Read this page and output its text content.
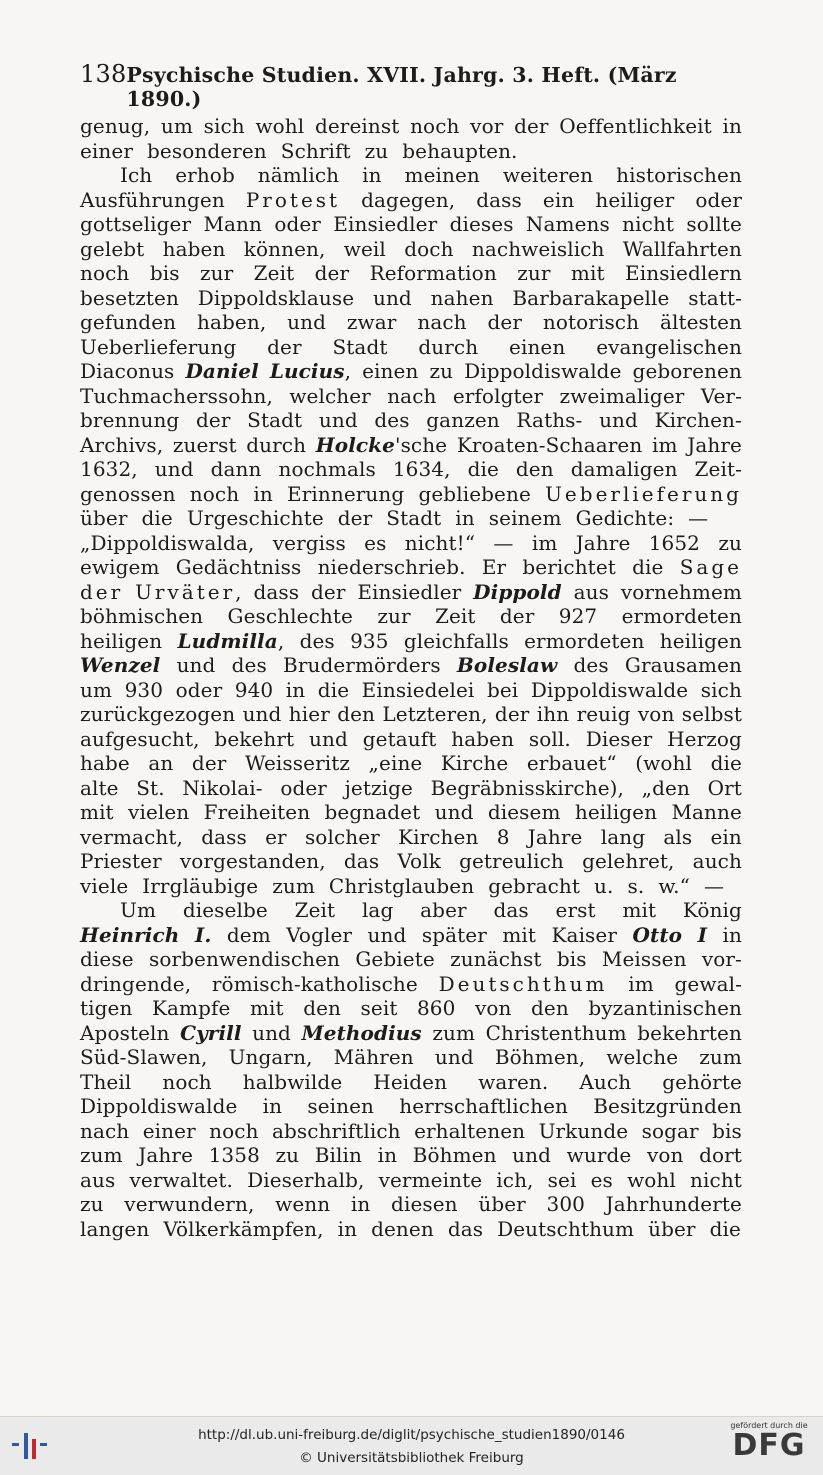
138 Psychische Studien. XVII. Jahrg. 3. Heft. (März 1890.)
genug, um sich wohl dereinst noch vor der Oeffentlichkeit in
einer besonderen Schrift zu behaupten.
Ich erhob nämlich in meinen weiteren historischen
Ausführungen Protest dagegen, dass ein heiliger oder
gottseliger Mann oder Einsiedler dieses Namens nicht sollte
gelebt haben können, weil doch nachweislich Wallfahrten
noch bis zur Zeit der Reformation zur mit Einsiedlern
besetzten Dippoldsklause und nahen Barbarakapelle statt-
gefunden haben, und zwar nach der notorisch ältesten
Ueberlieferung der Stadt durch einen evangelischen
Diaconus Daniel Lucius, einen zu Dippoldiswalde geborenen
Tuchmacherssohn, welcher nach erfolgter zweimaliger Ver-
brennung der Stadt und des ganzen Raths- und Kirchen-
Archivs, zuerst durch Holcke'sche Kroaten-Schaaren im Jahre
1632, und dann nochmals 1634, die den damaligen Zeit-
genossen noch in Erinnerung gebliebene Ueberlieferung
über die Urgeschichte der Stadt in seinem Gedichte: —
„Dippoldiswalda, vergiss es nicht!“ — im Jahre 1652 zu
ewigem Gedächtniss niederschrieb. Er berichtet die Sage
der Urväter, dass der Einsiedler Dippold aus vornehmem
böhmischen Geschlechte zur Zeit der 927 ermordeten
heiligen Ludmilla, des 935 gleichfalls ermordeten heiligen
Wenzel und des Brudermörders Boleslaw des Grausamen
um 930 oder 940 in die Einsiedelei bei Dippoldiswalde sich
zurückgezogen und hier den Letzteren, der ihn reuig von selbst
aufgesucht, bekehrt und getauft haben soll. Dieser Herzog
habe an der Weisseritz „eine Kirche erbauet“ (wohl die
alte St. Nikolai- oder jetzige Begräbnisskirche), „den Ort
mit vielen Freiheiten begnadet und diesem heiligen Manne
vermacht, dass er solcher Kirchen 8 Jahre lang als ein
Priester vorgestanden, das Volk getreulich gelehret, auch
viele Irrgläubige zum Christglauben gebracht u. s. w.“ —
Um dieselbe Zeit lag aber das erst mit König
Heinrich I. dem Vogler und später mit Kaiser Otto I in
diese sorbenwendischen Gebiete zunächst bis Meissen vor-
dringende, römisch-katholische Deutschthum im gewal-
tigen Kampfe mit den seit 860 von den byzantinischen
Aposteln Cyrill und Methodius zum Christenthum bekehrten
Süd-Slawen, Ungarn, Mähren und Böhmen, welche zum
Theil noch halbwilde Heiden waren. Auch gehörte
Dippoldiswalde in seinen herrschaftlichen Besitzgründen
nach einer noch abschriftlich erhaltenen Urkunde sogar bis
zum Jahre 1358 zu Bilin in Böhmen und wurde von dort
aus verwaltet. Dieserhalb, vermeinte ich, sei es wohl nicht
zu verwundern, wenn in diesen über 300 Jahrhunderte
langen Völkerkämpfen, in denen das Deutschthum über die
http://dl.ub.uni-freiburg.de/diglit/psychische_studien1890/0146
© Universitätsbibliothek Freiburg
gefördert durch die
DFG
